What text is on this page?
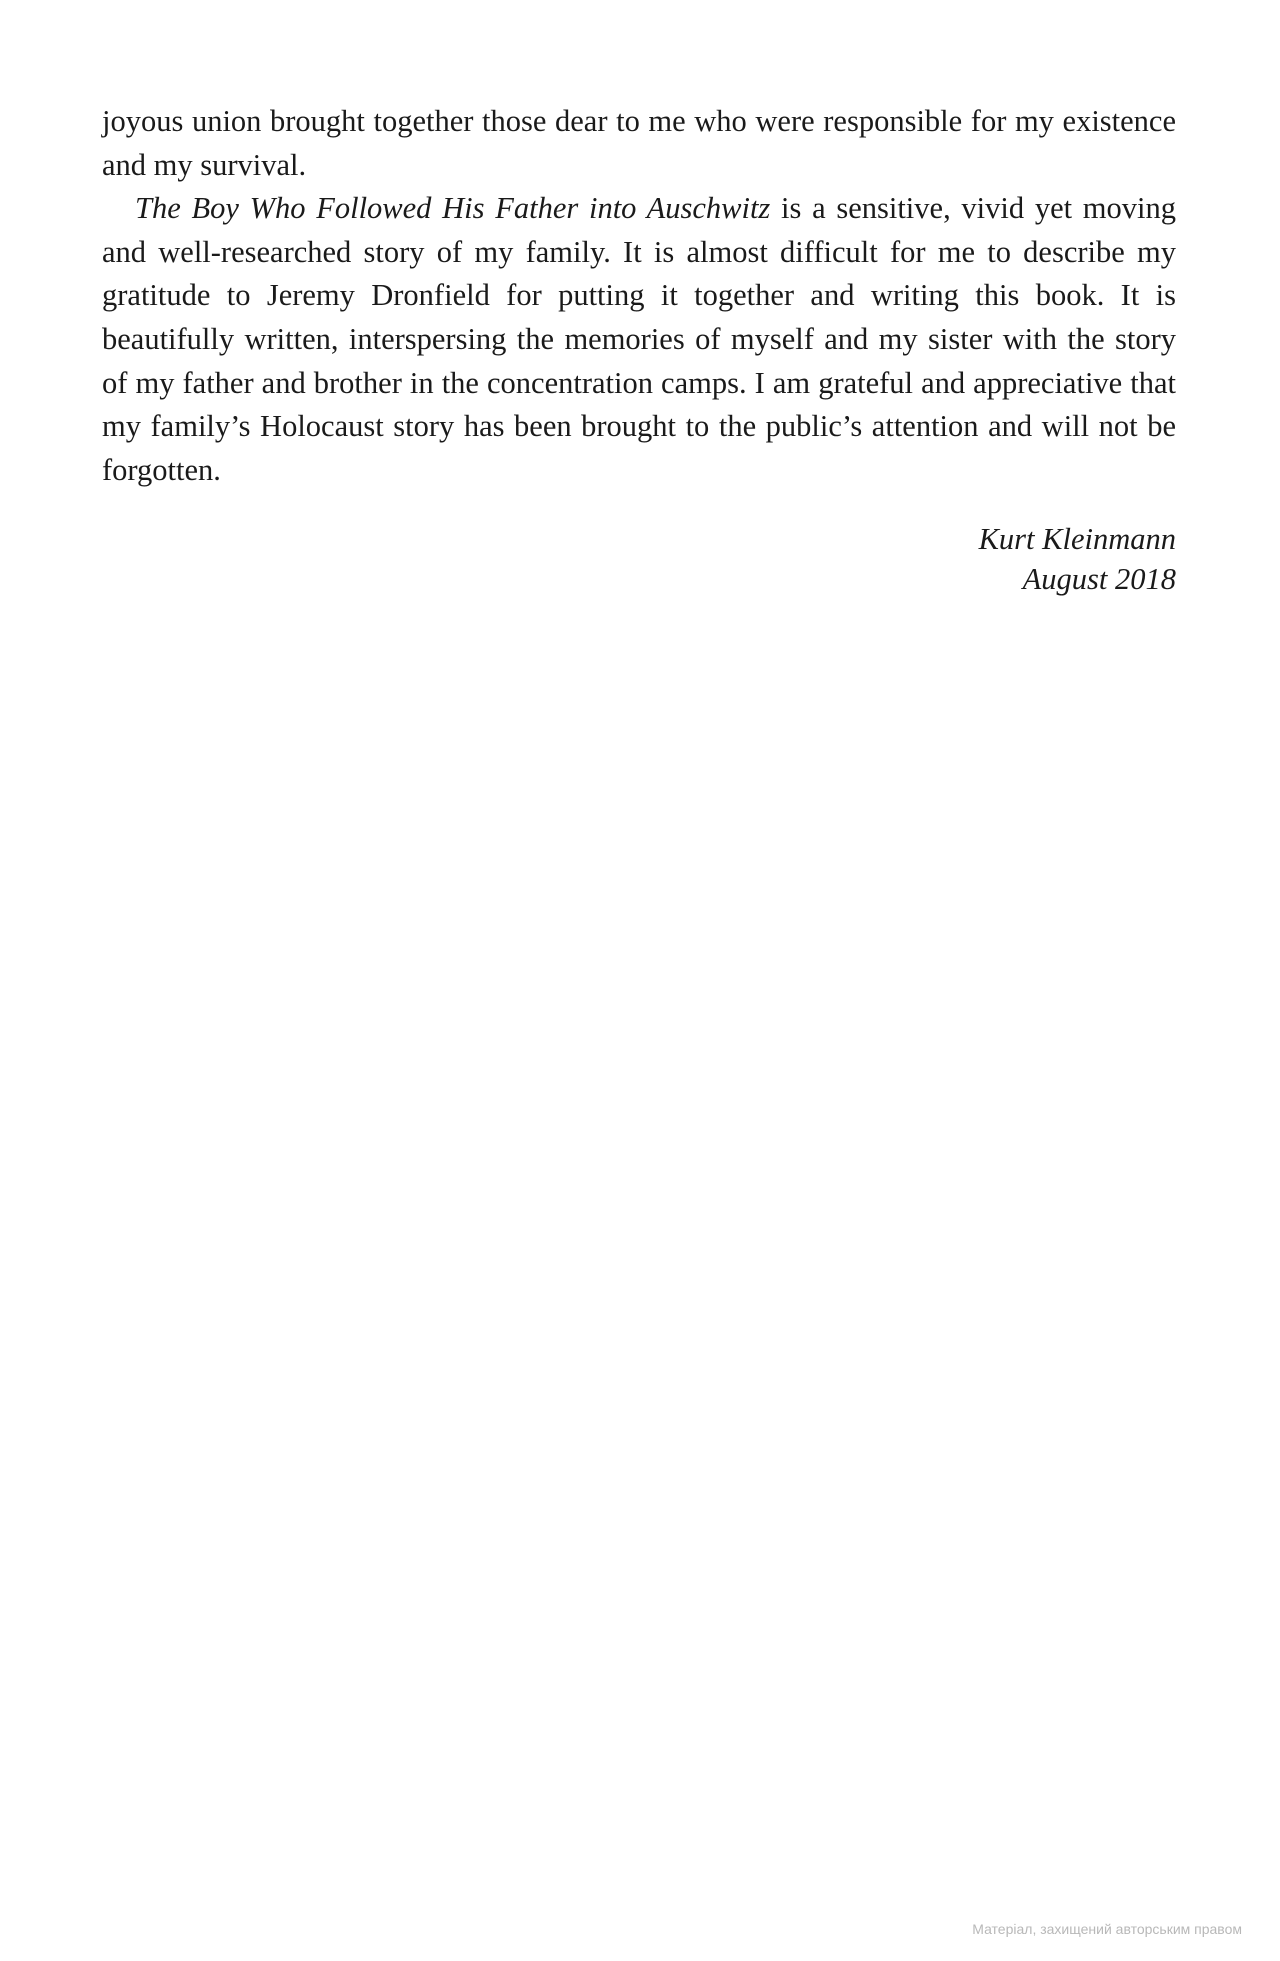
joyous union brought together those dear to me who were responsible for my existence and my survival.

The Boy Who Followed His Father into Auschwitz is a sensitive, vivid yet moving and well-researched story of my family. It is almost difficult for me to describe my gratitude to Jeremy Dronfield for putting it together and writing this book. It is beautifully written, interspersing the memories of myself and my sister with the story of my father and brother in the concentration camps. I am grateful and appreciative that my family’s Holocaust story has been brought to the public’s attention and will not be forgotten.

Kurt Kleinmann
August 2018
Матеріал, захищений авторським правом
